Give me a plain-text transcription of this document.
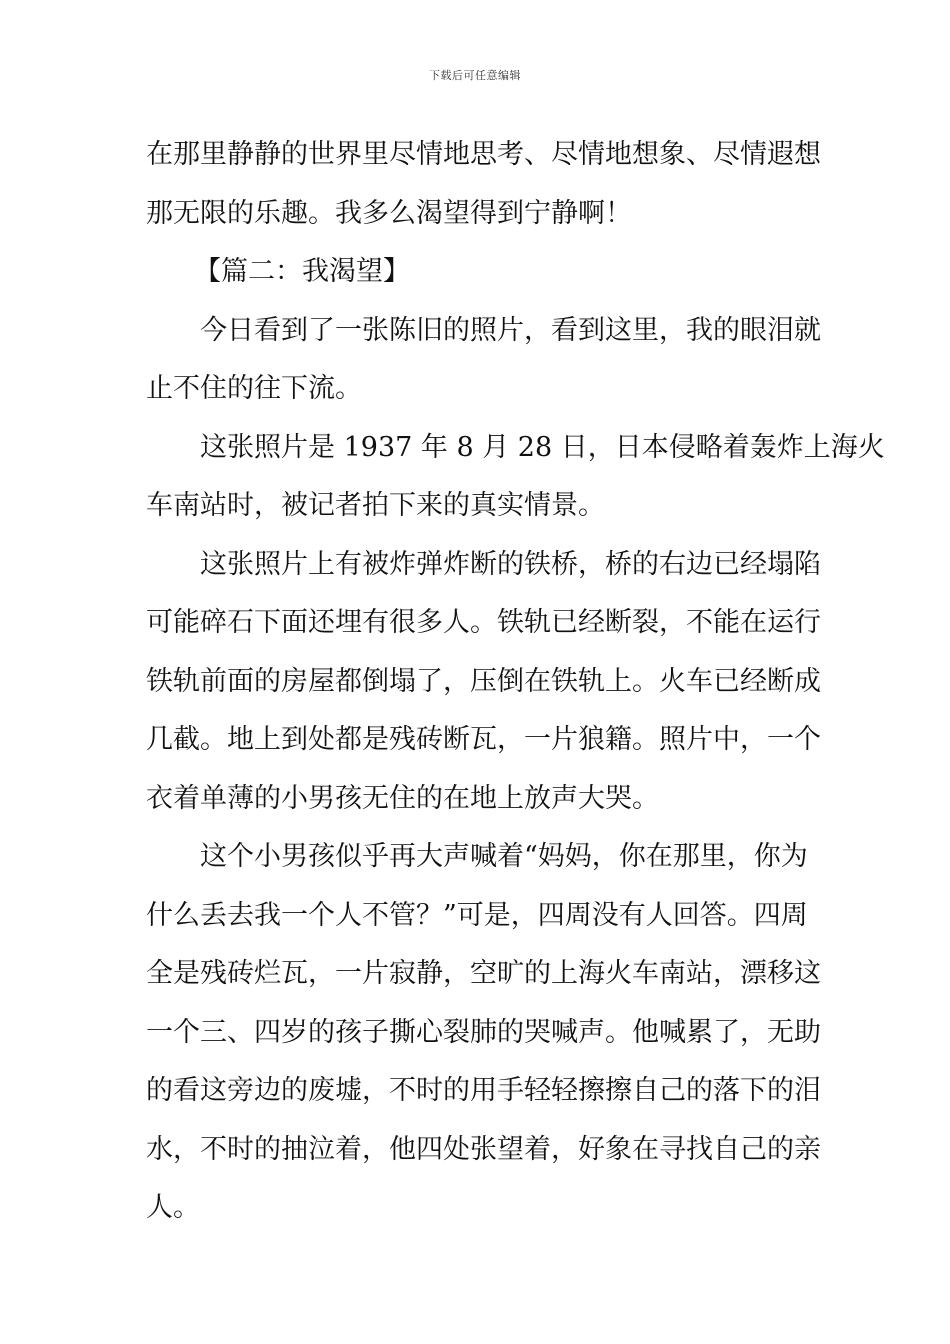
下载后可任意编辑
在那里静静的世界里尽情地思考、尽情地想象、尽情遐想
那无限的乐趣。我多么渴望得到宁静啊！
【篇二：我渴望】
今日看到了一张陈旧的照片，看到这里，我的眼泪就
止不住的往下流。
这张照片是 1937 年 8 月 28 日，日本侵略着轰炸上海火
车南站时，被记者拍下来的真实情景。
这张照片上有被炸弹炸断的铁桥，桥的右边已经塌陷
可能碎石下面还埋有很多人。铁轨已经断裂，不能在运行
铁轨前面的房屋都倒塌了，压倒在铁轨上。火车已经断成
几截。地上到处都是残砖断瓦，一片狼籍。照片中，一个
衣着单薄的小男孩无住的在地上放声大哭。
这个小男孩似乎再大声喊着“妈妈，你在那里，你为
什么丢去我一个人不管？”可是，四周没有人回答。四周
全是残砖烂瓦，一片寂静，空旷的上海火车南站，漂移这
一个三、四岁的孩子撕心裂肺的哭喊声。他喊累了，无助
的看这旁边的废墟，不时的用手轻轻擦擦自己的落下的泪
水，不时的抽泣着，他四处张望着，好象在寻找自己的亲
人。
